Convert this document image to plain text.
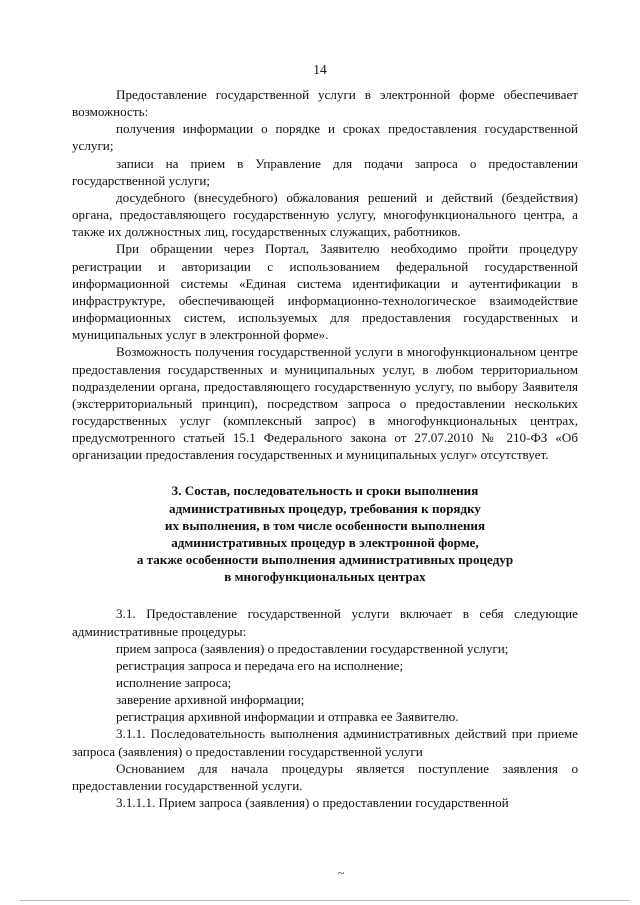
14

Предоставление государственной услуги в электронной форме обеспечивает возможность:

получения информации о порядке и сроках предоставления государственной услуги;

записи на прием в Управление для подачи запроса о предоставлении государственной услуги;

досудебного (внесудебного) обжалования решений и действий (бездействия) органа, предоставляющего государственную услугу, многофункционального центра, а также их должностных лиц, государственных служащих, работников.

При обращении через Портал, Заявителю необходимо пройти процедуру регистрации и авторизации с использованием федеральной государственной информационной системы «Единая система идентификации и аутентификации в инфраструктуре, обеспечивающей информационно-технологическое взаимодействие информационных систем, используемых для предоставления государственных и муниципальных услуг в электронной форме».

Возможность получения государственной услуги в многофункциональном центре предоставления государственных и муниципальных услуг, в любом территориальном подразделении органа, предоставляющего государственную услугу, по выбору Заявителя (экстерриториальный принцип), посредством запроса о предоставлении нескольких государственных услуг (комплексный запрос) в многофункциональных центрах, предусмотренного статьей 15.1 Федерального закона от 27.07.2010 № 210-ФЗ «Об организации предоставления государственных и муниципальных услуг» отсутствует.

3. Состав, последовательность и сроки выполнения
административных процедур, требования к порядку
их выполнения, в том числе особенности выполнения
административных процедур в электронной форме,
а также особенности выполнения административных процедур
в многофункциональных центрах

3.1. Предоставление государственной услуги включает в себя следующие административные процедуры:

прием запроса (заявления) о предоставлении государственной услуги;

регистрация запроса и передача его на исполнение;

исполнение запроса;

заверение архивной информации;

регистрация архивной информации и отправка ее Заявителю.

3.1.1. Последовательность выполнения административных действий при приеме запроса (заявления) о предоставлении государственной услуги

Основанием для начала процедуры является поступление заявления о предоставлении государственной услуги.

3.1.1.1. Прием запроса (заявления) о предоставлении государственной

~
